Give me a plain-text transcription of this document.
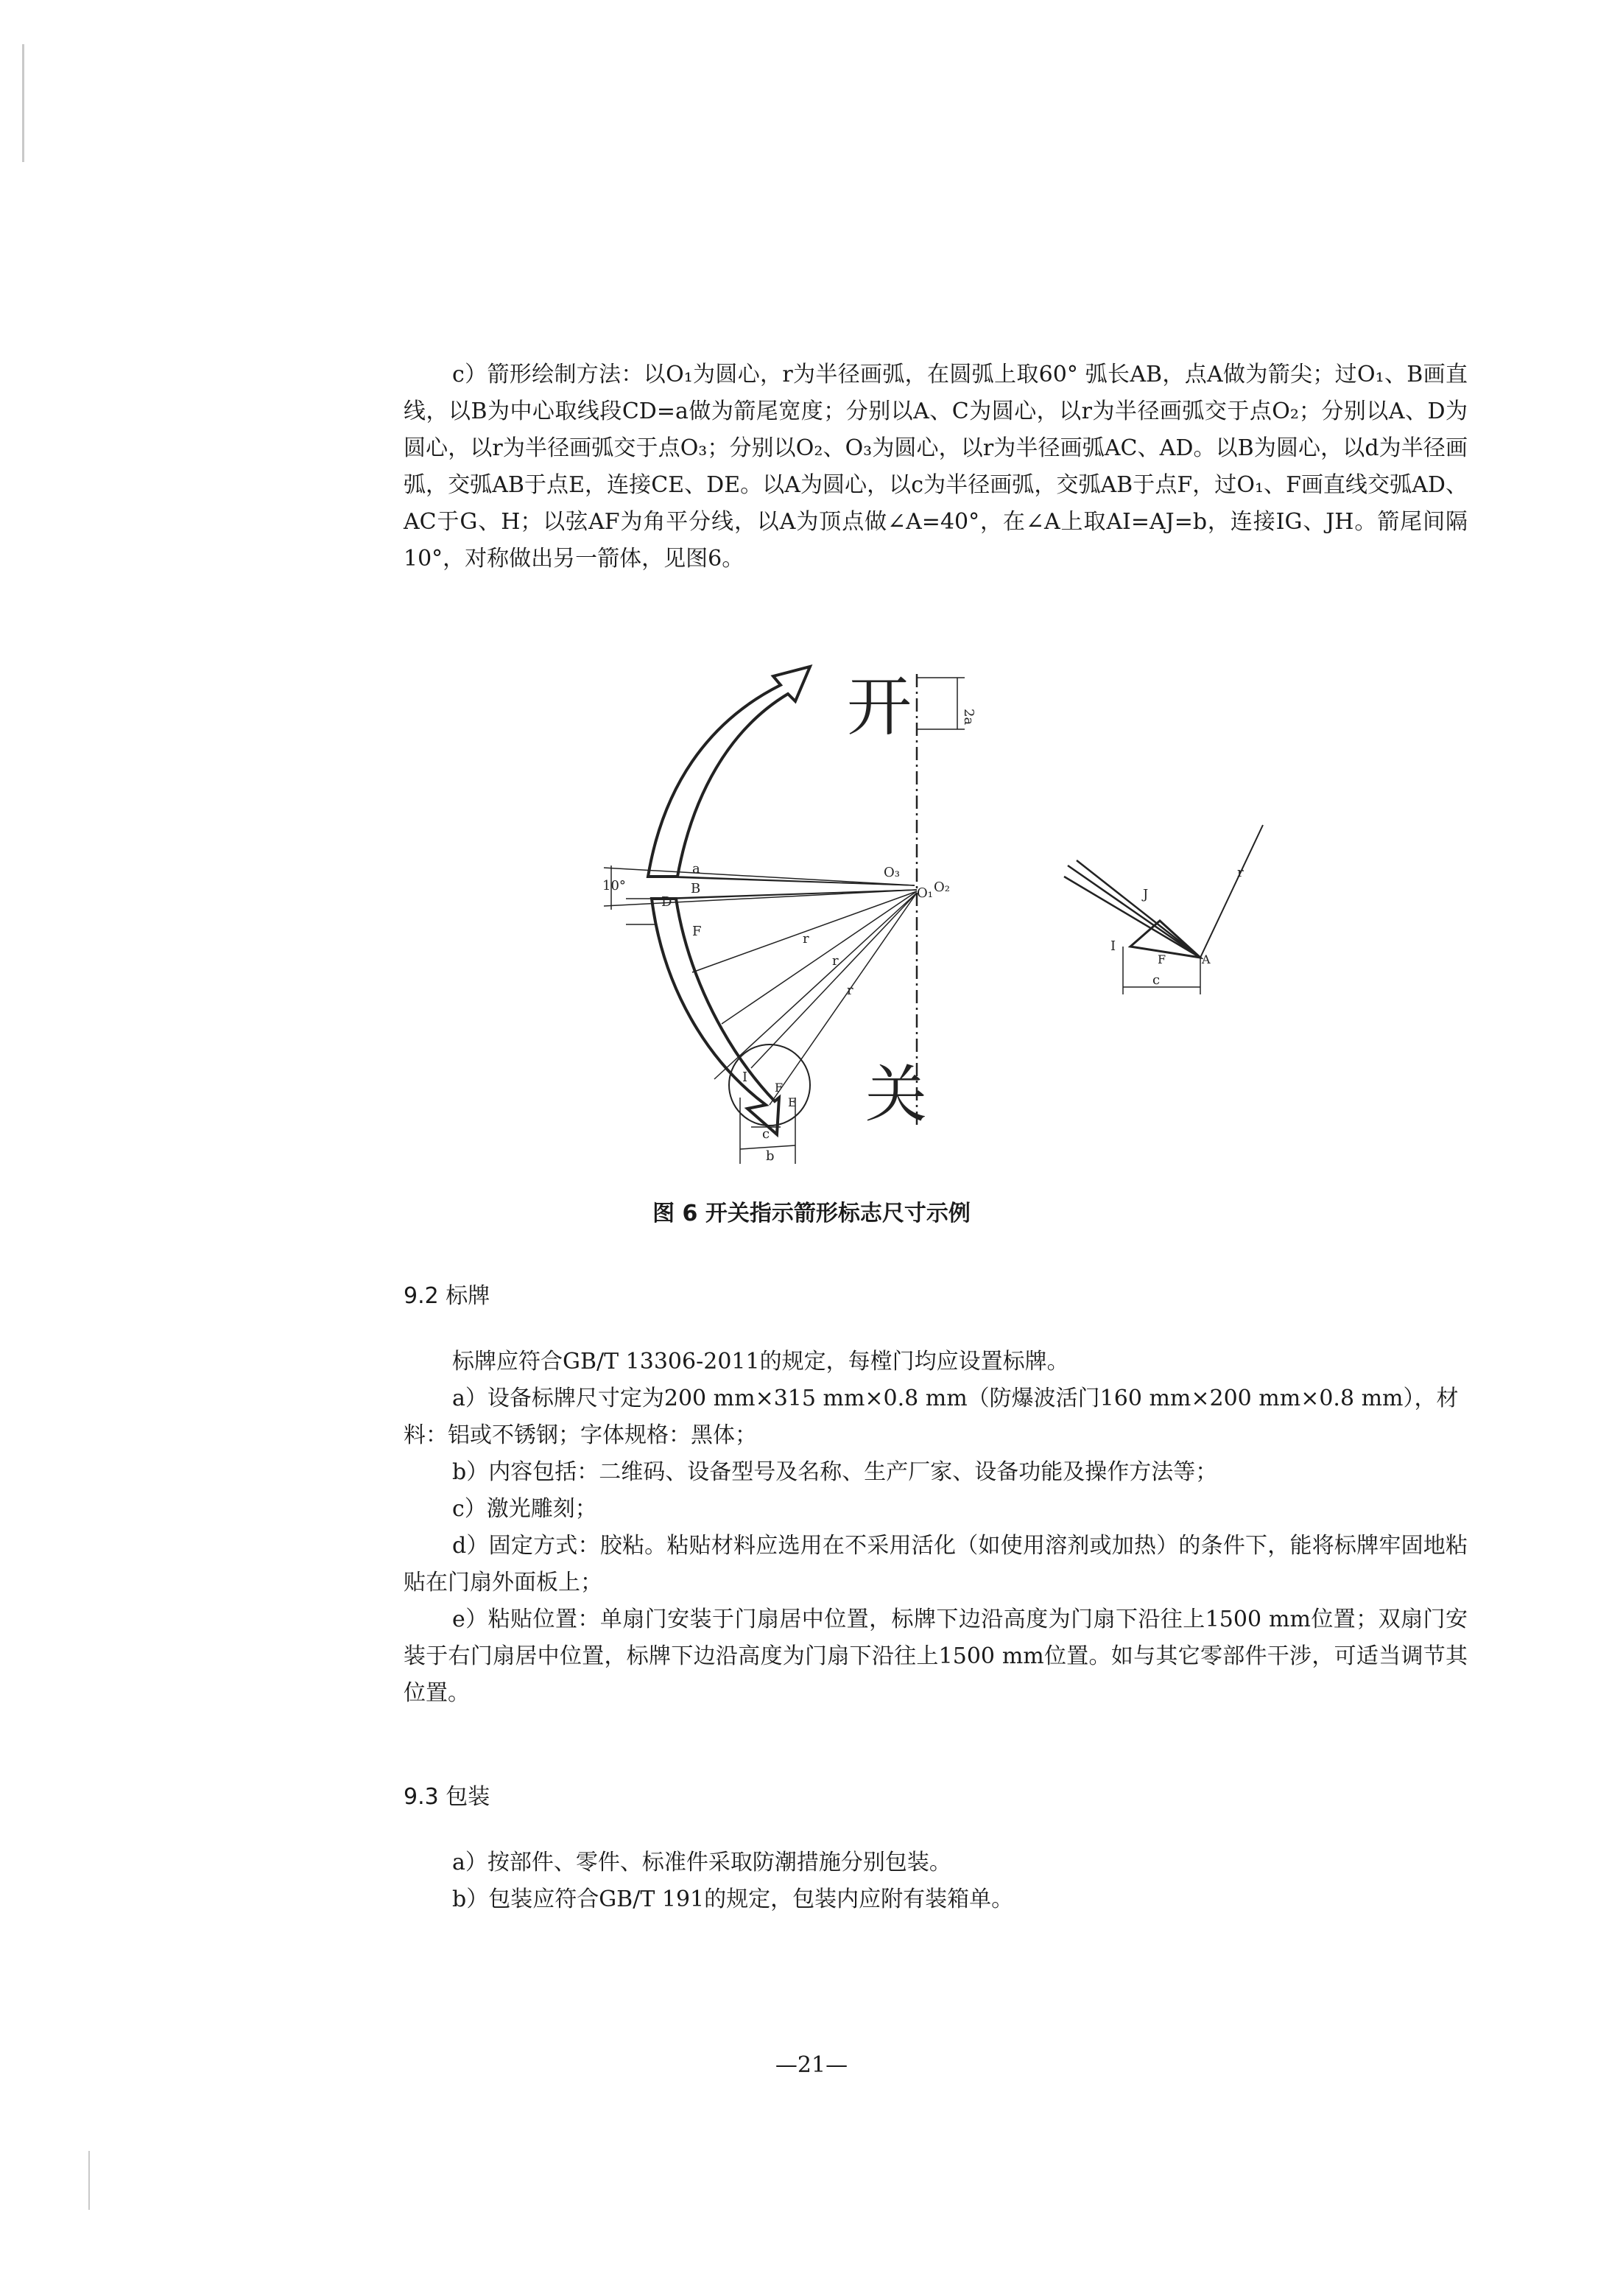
c）箭形绘制方法：以O₁为圆心，r为半径画弧，在圆弧上取60° 弧长AB，点A做为箭尖；过O₁、B画直线，以B为中心取线段CD=a做为箭尾宽度；分别以A、C为圆心，以r为半径画弧交于点O₂；分别以A、D为圆心，以r为半径画弧交于点O₃；分别以O₂、O₃为圆心，以r为半径画弧AC、AD。以B为圆心，以d为半径画弧，交弧AB于点E，连接CE、DE。以A为圆心，以c为半径画弧，交弧AB于点F，过O₁、F画直线交弧AD、AC于G、H；以弦AF为角平分线，以A为顶点做∠A=40°，在∠A上取AI=AJ=b，连接IG、JH。箭尾间隔10°，对称做出另一箭体，见图6。
2a
开
关
10°
a
B
D
F
O₃
O₁ O₂
r
r
r
I
F
E
c
b
J
I
F	A
c
r
图 6 开关指示箭形标志尺寸示例
9.2 标牌
标牌应符合GB/T 13306-2011的规定，每樘门均应设置标牌。
a）设备标牌尺寸定为200 mm×315 mm×0.8 mm（防爆波活门160 mm×200 mm×0.8 mm），材料：铝或不锈钢；字体规格：黑体；
b）内容包括：二维码、设备型号及名称、生产厂家、设备功能及操作方法等；
c）激光雕刻；
d）固定方式：胶粘。粘贴材料应选用在不采用活化（如使用溶剂或加热）的条件下，能将标牌牢固地粘贴在门扇外面板上；
e）粘贴位置：单扇门安装于门扇居中位置，标牌下边沿高度为门扇下沿往上1500 mm位置；双扇门安装于右门扇居中位置，标牌下边沿高度为门扇下沿往上1500 mm位置。如与其它零部件干涉，可适当调节其位置。
9.3 包装
a）按部件、零件、标准件采取防潮措施分别包装。
b）包装应符合GB/T 191的规定，包装内应附有装箱单。
—21—
